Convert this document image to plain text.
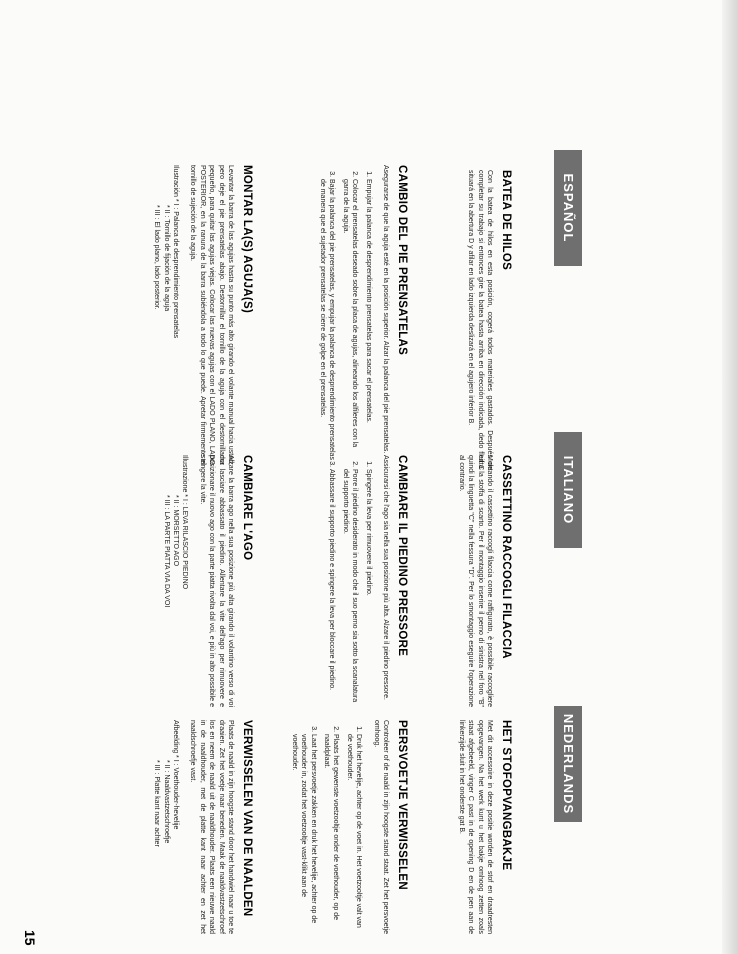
ESPAÑOL
BATEA DE HILOS

Con la batea de hilos en esta posición, cogerá todos materiales gastados. Después de completar su trabajo si entonces gire la batea hasta arriba en dirección indicada, dedo fleif C situará en la abertura D y afilar en lado izquierda deslizará en el agujero inferior B.

CAMBIO DEL PIE PRENSATELAS

Asegurarse de que la aguja esté en la posición superior. Alzar la palanca del pie prensatelas.

1. Empujar la palanca de desprendimiento prensatelas para sacar el prensatelas.
2. Colocar el prensatelas deseado sobre la placa de agujas, alineando los alfileres con la garra de la aguja.
3. Bajar la palanca del pie prensatelas, y empujar la palanca de desprendimiento prensatelas de manera que el sujetador prensatelas se cierre de golpe en el prensatelas.
MONTAR LA(S) AGUJA(S)

Levantar la barra de las agujas hasta su punto más alto girando el volante manual hacia usted, pero deje el pie prensatelas abajo. Destornillar el tornillo de la aguja con el destornillador pequeño, para quitar las agujas viejas. Colocar las nuevas agujas con el LADO PLANO, LADO POSTERIOR, en la ranura de la barra subiéndola a todo lo que puede. Apretar firmemente el tornillo de sujeción de la aguja.

Ilustración * I : Palanca de desprendimiento prensatelas
* II : Tornillo de fijación de la aguja
* III : El lado plano, lado posterior.
ITALIANO
CASSETTINO RACCOGLI FILACCIA

Montando il cassettino raccogli filaccia come raffigurato, è possibile raccogliere tutta la stoffa di scarto. Per il montaggio inserire il perno di sinistra nel foro "B" quindi la linguetta "C" nella fessura "D". Per lo smontaggio eseguire l'operazione al contrario.

CAMBIARE IL PIEDINO PRESSORE

Assicurarsi che l'ago sia nella sua posizione più alta. Alzare il piedino pressore.

1. Spingere la leva per rimuovere il piedino.
2. Porre il piedino desiderato in modo che il suo perno sia sotto la scanalatura del supporto piedino.
3. Abbassare il supporto piedino e spingere la leva per bloccare il piedino.
CAMBIARE L'AGO

Alzare la barra ago nella sua posizione più alta girando il volantino verso di voi ma lasciare abbassato il piedino. Allentare la vite dell'ago per rimuovere e posizionare il nuovo ago con la parte piatta rivolta dal voi, e più in alto possibile e stringere la vite.

Illustrazione * I : LEVA RILASCIO PIEDINO
* II : MORSETTO AGO
* III : LA PARTE PIATTA VIA DA VOI
NEDERLANDS
HET STOFOPVANGBAKJE

Met dit accessoire in deze positie worden de stof en draadresten opgevangen. Na het werk kunt u het bakje omhoog zetten zoals staat afgebeeld, vinger C past in de opening D en de pen aan de linkerzijde sluit in het onderste gat B.

PERSVOETJE VERWISSELEN

Controleer of de naald in zijn hoogste stand staat. Zet het persvoetje omhoog.

1. Druk het hevelije, achter op de voet in. Het voetzooltje valt van de voethouder.
2. Plaats het gewenste voetzooltje onder de voethouder, op de naaldplaat.
3. Laat het persvoetje zakken en druk het hevelije, achter op de voethouder in, zodat het voetzooltje vast-klikt aan de voethouder.
VERWISSELEN VAN DE NAALDEN

Plaats de naald in zijn hoogste stand door het handwiel naar u toe te draaien. Zet het voetje naar beneden. Maak de naaldvastzetschroef los en neem de naald uit de naaldhouder. Plaats een nieuwe naald in de naaldhouder, met de platte kant naar achter en zet het naaldschroefje vast.

Afbeelding * I : Voethouder-hevelije
* II : Naaldvastzetschroefje
* III : Platte kant naar achter
15
